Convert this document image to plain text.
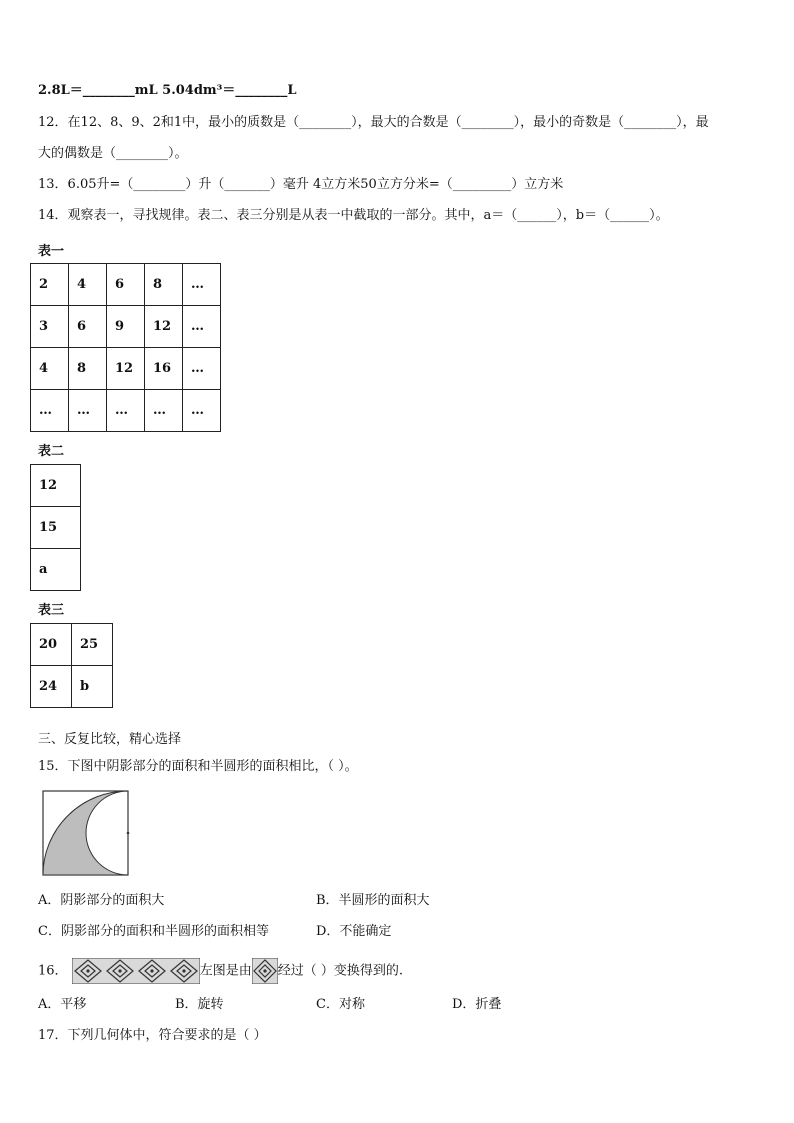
2.8L＝________mL 5.04dm³＝________L
12．在12、8、9、2和1中，最小的质数是（________），最大的合数是（________），最小的奇数是（________），最
大的偶数是（________）。
13．6.05升=（________）升（_______）毫升 4立方米50立方分米=（_________）立方米
14．观察表一，寻找规律。表二、表三分别是从表一中截取的一部分。其中，a＝（______），b＝（______）。
表一
2	4	6	8	…
3	6	9	12	…
4	8	12	16	…
…	…	…	…	…
表二
12
15
a
表三
20	25
24	b
三、反复比较，精心选择
15．下图中阴影部分的面积和半圆形的面积相比，（ ）。
A．阴影部分的面积大	B．半圆形的面积大
C．阴影部分的面积和半圆形的面积相等	D．不能确定
16．	左图是由 经过（ ）变换得到的.
A．平移	B．旋转	C．对称	D．折叠
17．下列几何体中，符合要求的是（ ）
